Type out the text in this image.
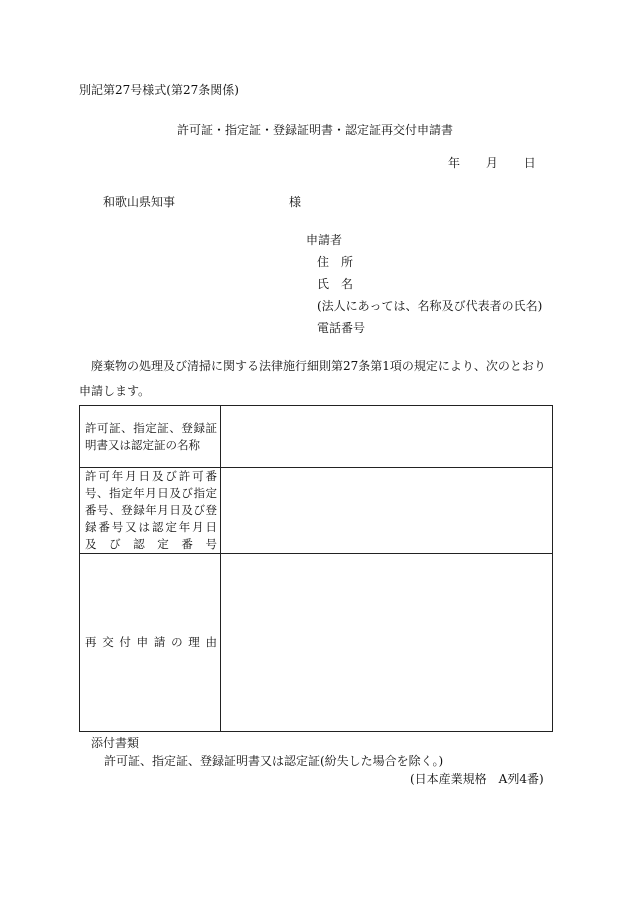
別記第27号様式(第27条関係)
許可証・指定証・登録証明書・認定証再交付申請書
年 月 日
和歌山県知事	様
申請者
住　所
氏　名
(法人にあっては、名称及び代表者の氏名)
電話番号
廃棄物の処理及び清掃に関する法律施行細則第27条第1項の規定により、次のとおり申請します。
許可証、指定証、登録証
明書又は認定証の名称	

許可年月日及び許可番
号、指定年月日及び指定
番号、登録年月日及び登
録番号又は認定年月日
及び認定番号	

再交付申請の理由	

添付書類
許可証、指定証、登録証明書又は認定証(紛失した場合を除く。)
(日本産業規格　A列4番)
